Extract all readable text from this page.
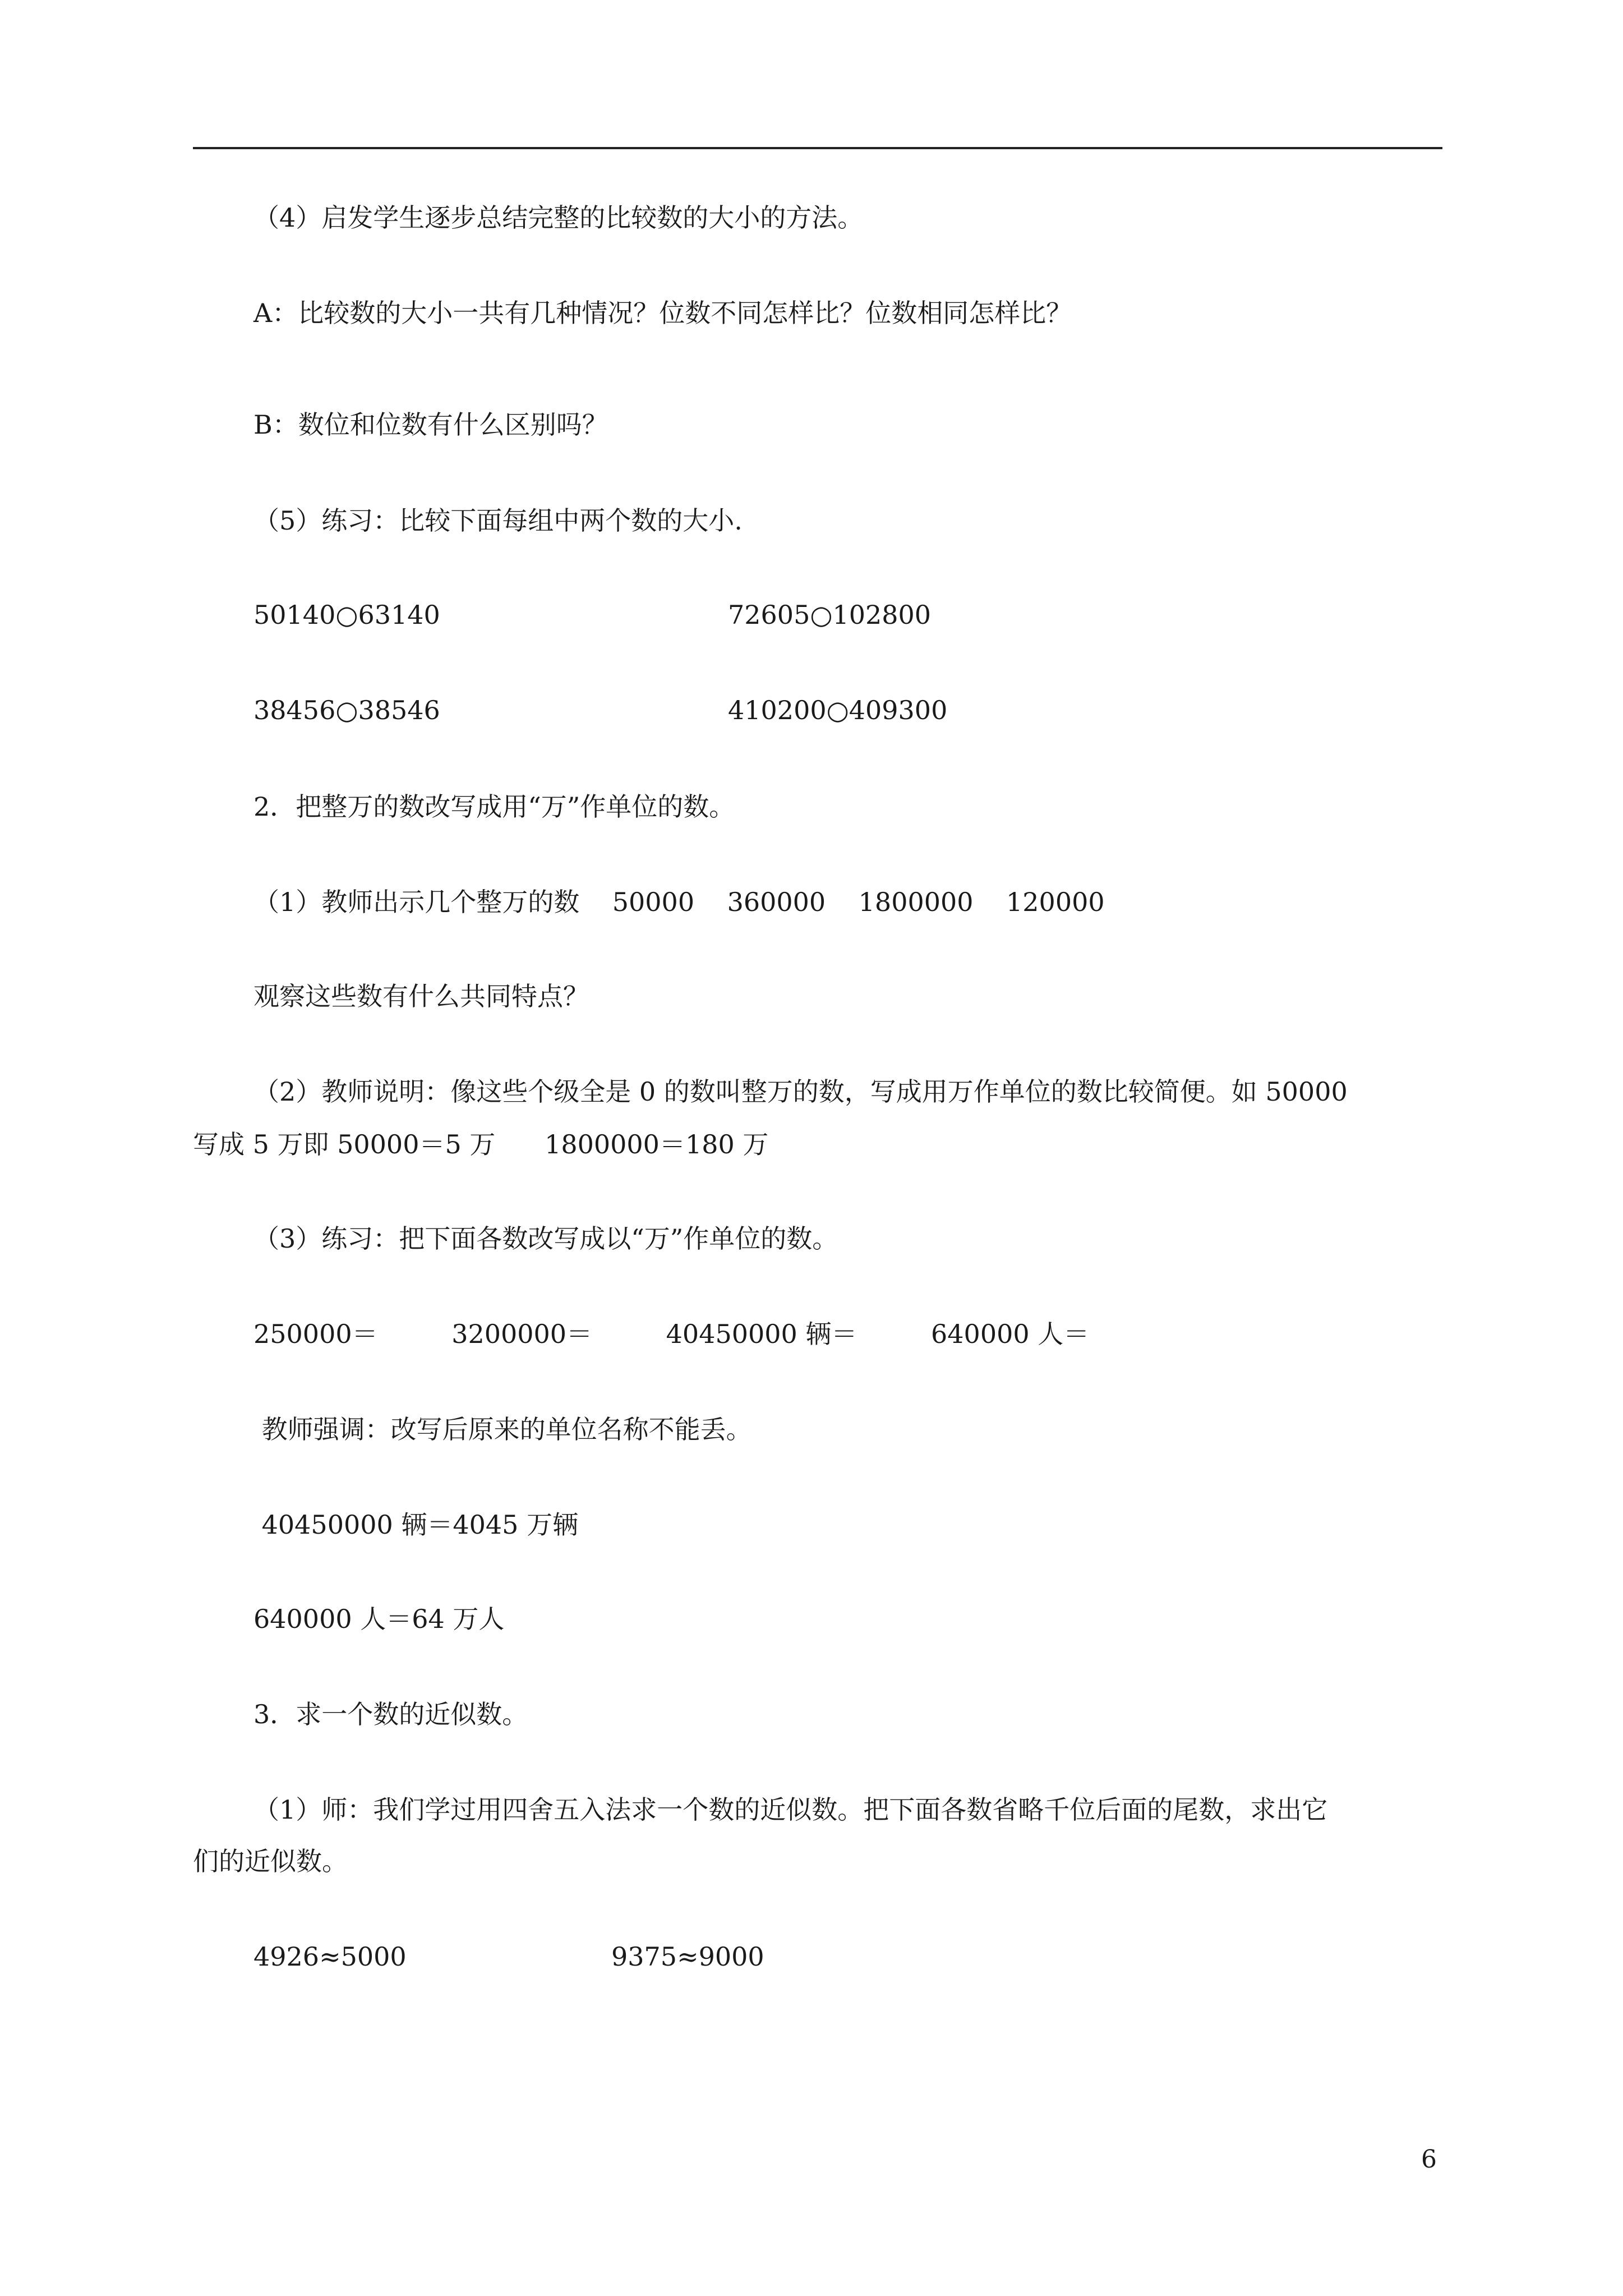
（4）启发学生逐步总结完整的比较数的大小的方法。
A：比较数的大小一共有几种情况？位数不同怎样比？位数相同怎样比？
B：数位和位数有什么区别吗？
（5）练习：比较下面每组中两个数的大小.
50140○63140	72605○102800
38456○38546	410200○409300
2．把整万的数改写成用“万”作单位的数。
（1）教师出示几个整万的数    50000    360000    1800000    120000
观察这些数有什么共同特点？
（2）教师说明：像这些个级全是 0 的数叫整万的数，写成用万作单位的数比较简便。如 50000
写成 5 万即 50000＝5 万      1800000＝180 万
（3）练习：把下面各数改写成以“万”作单位的数。
250000＝         3200000＝         40450000 辆＝         640000 人＝
教师强调：改写后原来的单位名称不能丢。
40450000 辆＝4045 万辆
640000 人＝64 万人
3．求一个数的近似数。
（1）师：我们学过用四舍五入法求一个数的近似数。把下面各数省略千位后面的尾数，求出它
们的近似数。
4926≈5000	9375≈9000
6
